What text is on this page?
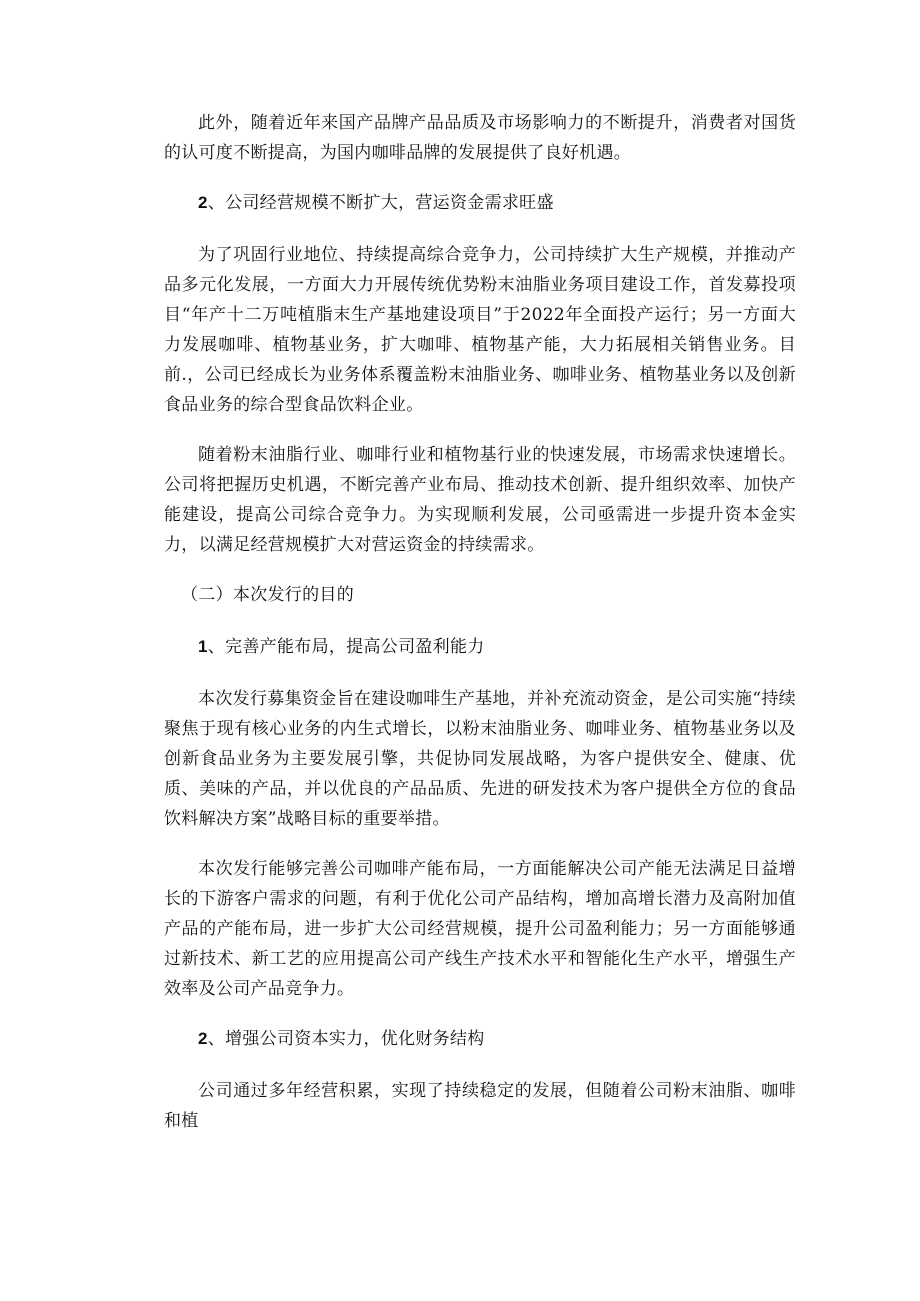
此外，随着近年来国产品牌产品品质及市场影响力的不断提升，消费者对国货的认可度不断提高，为国内咖啡品牌的发展提供了良好机遇。

2、公司经营规模不断扩大，营运资金需求旺盛

为了巩固行业地位、持续提高综合竞争力，公司持续扩大生产规模，并推动产品多元化发展，一方面大力开展传统优势粉末油脂业务项目建设工作，首发募投项目“年产十二万吨植脂末生产基地建设项目”于2022年全面投产运行；另一方面大力发展咖啡、植物基业务，扩大咖啡、植物基产能，大力拓展相关销售业务。目前.，公司已经成长为业务体系覆盖粉末油脂业务、咖啡业务、植物基业务以及创新食品业务的综合型食品饮料企业。

随着粉末油脂行业、咖啡行业和植物基行业的快速发展，市场需求快速增长。公司将把握历史机遇，不断完善产业布局、推动技术创新、提升组织效率、加快产能建设，提高公司综合竞争力。为实现顺利发展，公司亟需进一步提升资本金实力，以满足经营规模扩大对营运资金的持续需求。

（二）本次发行的目的

1、完善产能布局，提高公司盈利能力

本次发行募集资金旨在建设咖啡生产基地，并补充流动资金，是公司实施“持续聚焦于现有核心业务的内生式增长，以粉末油脂业务、咖啡业务、植物基业务以及创新食品业务为主要发展引擎，共促协同发展战略，为客户提供安全、健康、优质、美味的产品，并以优良的产品品质、先进的研发技术为客户提供全方位的食品饮料解决方案”战略目标的重要举措。

本次发行能够完善公司咖啡产能布局，一方面能解决公司产能无法满足日益增长的下游客户需求的问题，有利于优化公司产品结构，增加高增长潜力及高附加值产品的产能布局，进一步扩大公司经营规模，提升公司盈利能力；另一方面能够通过新技术、新工艺的应用提高公司产线生产技术水平和智能化生产水平，增强生产效率及公司产品竞争力。

2、增强公司资本实力，优化财务结构

公司通过多年经营积累，实现了持续稳定的发展，但随着公司粉末油脂、咖啡和植
